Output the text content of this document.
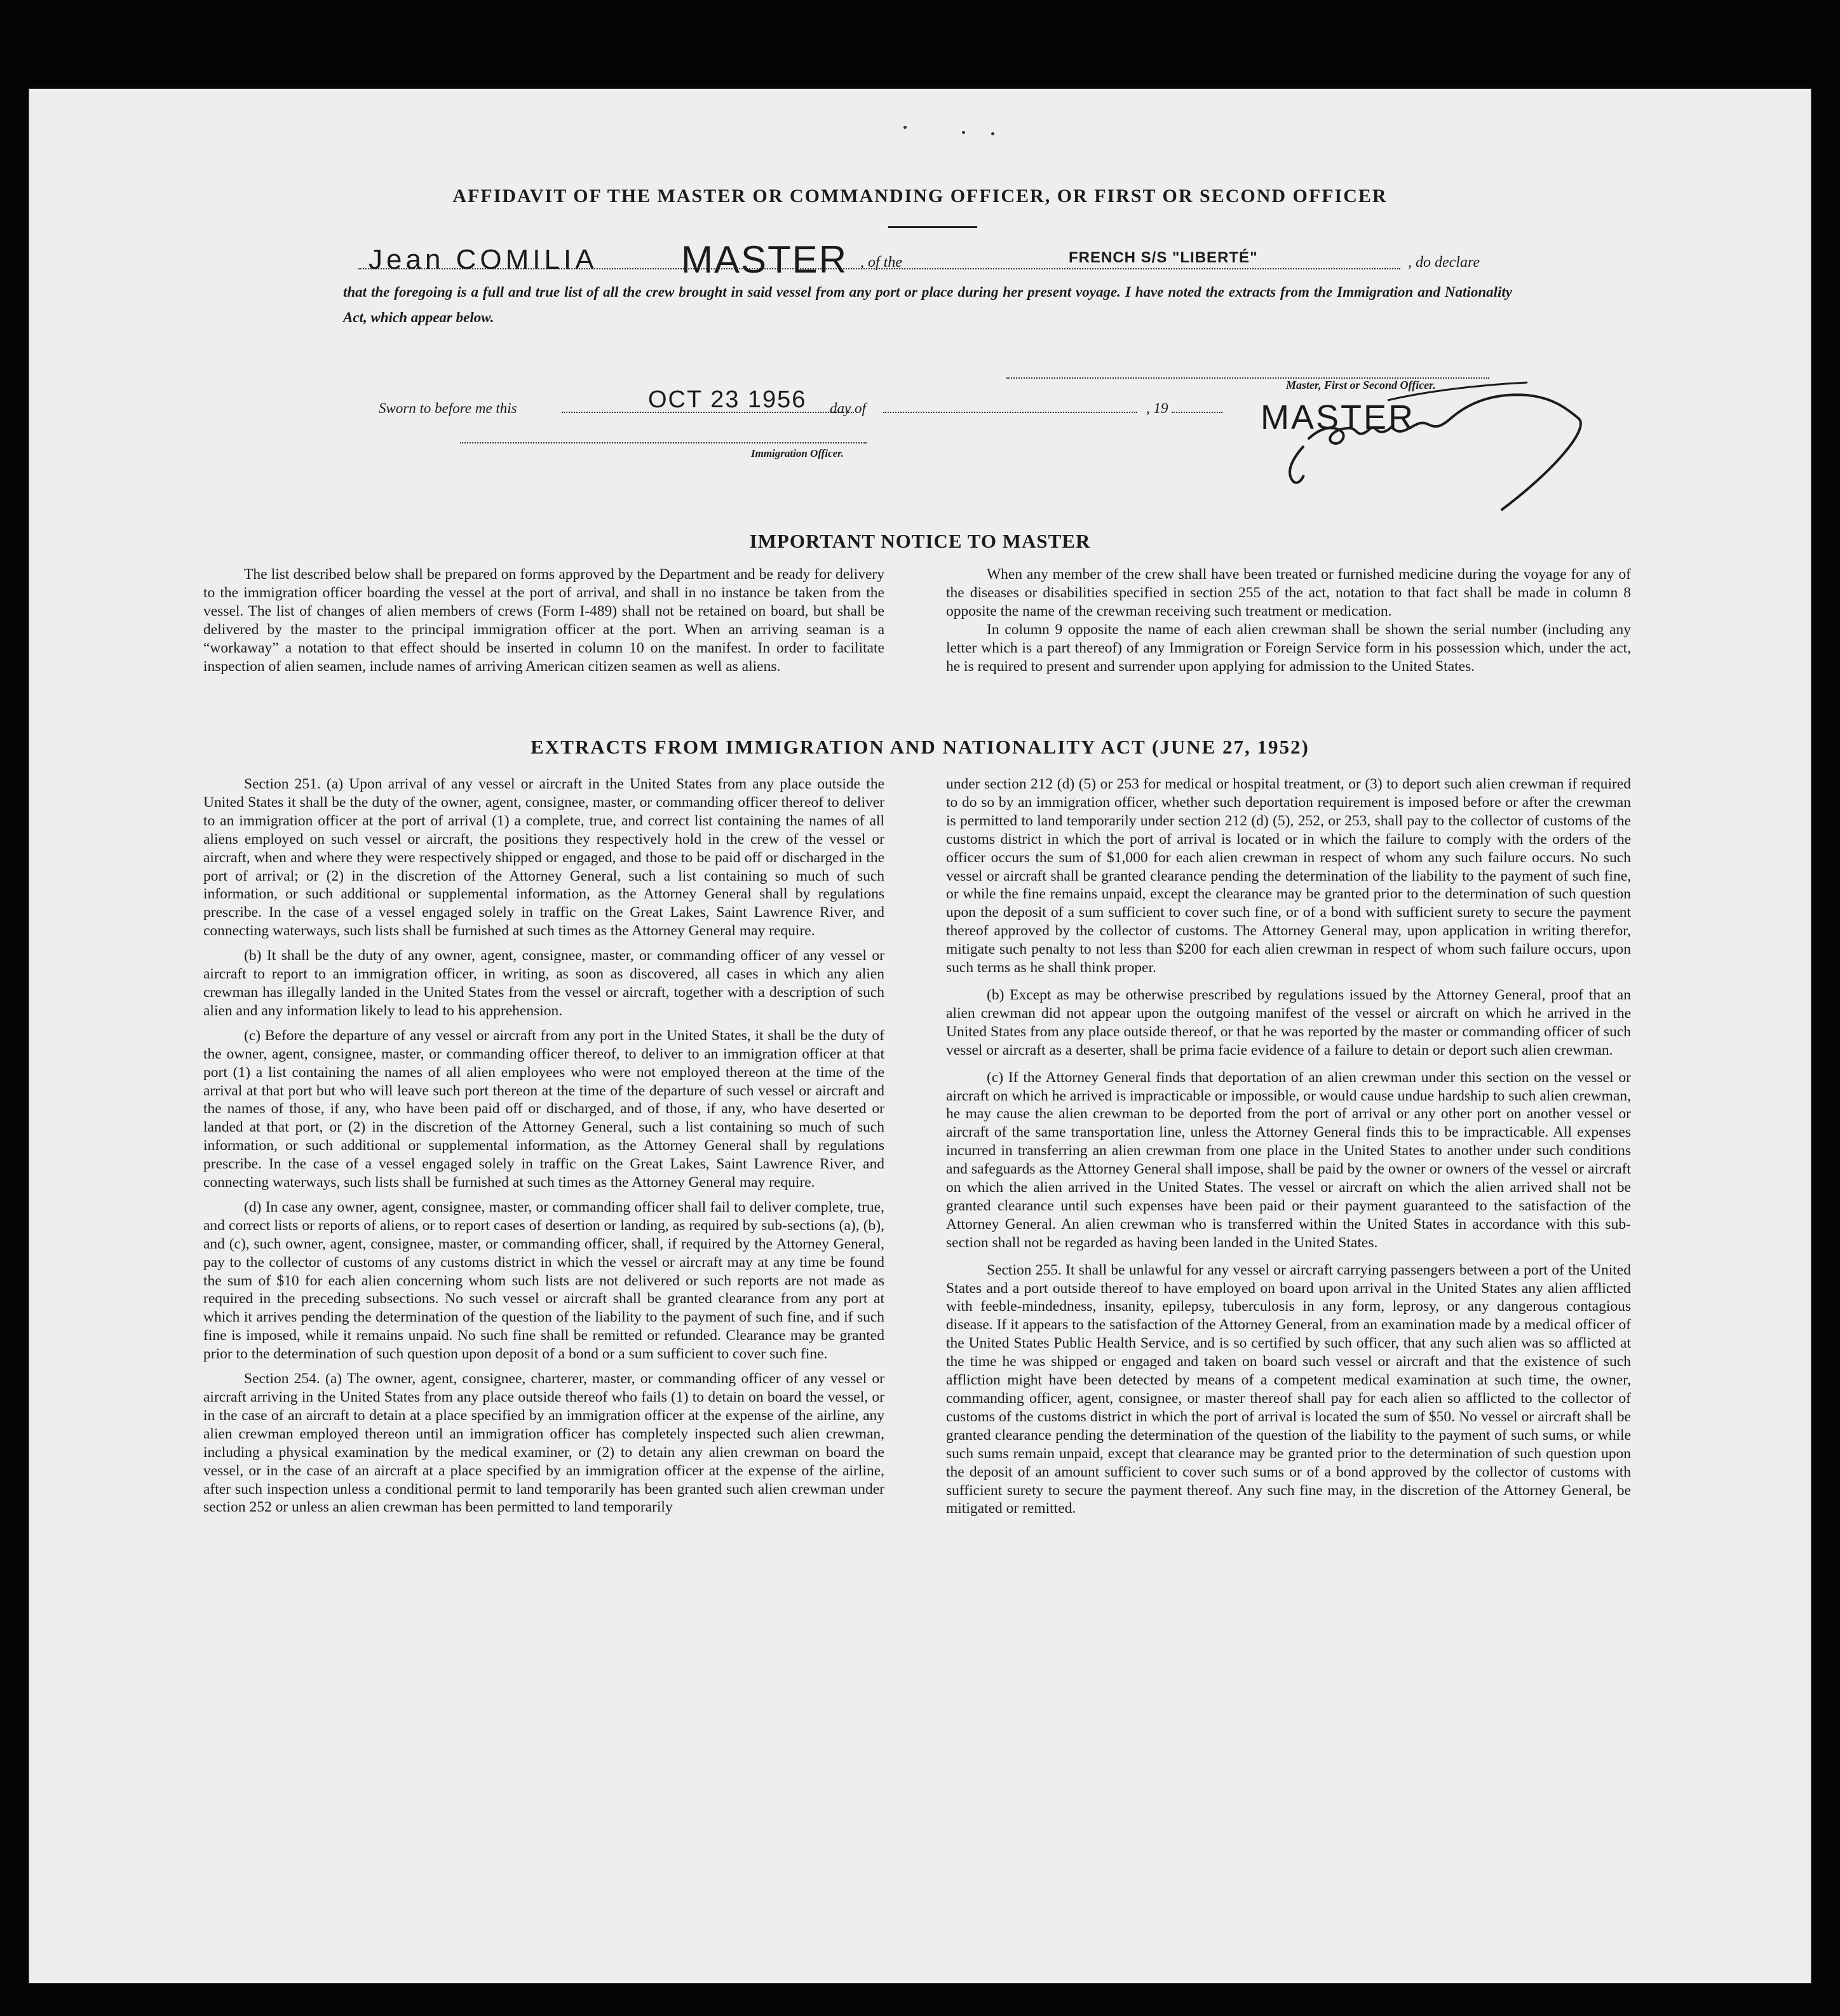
AFFIDAVIT OF THE MASTER OR COMMANDING OFFICER, OR FIRST OR SECOND OFFICER
Jean COMILIA MASTER , of the	FRENCH S/S "LIBERTÉ"	, do declare
that the foregoing is a full and true list of all the crew brought in said vessel from any port or place during her present voyage. I have noted the extracts from the Immigration and Nationality Act, which appear below.
Master, First or Second Officer.
MASTER
Sworn to before me this	OCT 23 1956 day of	, 19
Immigration Officer.
IMPORTANT NOTICE TO MASTER

The list described below shall be prepared on forms approved by the Department and be ready for delivery to the immigration officer boarding the vessel at the port of arrival, and shall in no instance be taken from the vessel. The list of changes of alien members of crews (Form I-489) shall not be retained on board, but shall be delivered by the master to the principal immigration officer at the port. When an arriving seaman is a “workaway” a notation to that effect should be inserted in column 10 on the manifest. In order to facilitate inspection of alien seamen, include names of arriving American citizen seamen as well as aliens.

When any member of the crew shall have been treated or furnished medicine during the voyage for any of the diseases or disabilities specified in section 255 of the act, notation to that fact shall be made in column 8 opposite the name of the crewman receiving such treatment or medication.

In column 9 opposite the name of each alien crewman shall be shown the serial number (including any letter which is a part thereof) of any Immigration or Foreign Service form in his possession which, under the act, he is required to present and surrender upon applying for admission to the United States.

EXTRACTS FROM IMMIGRATION AND NATIONALITY ACT (JUNE 27, 1952)

Section 251. (a) Upon arrival of any vessel or aircraft in the United States from any place outside the United States it shall be the duty of the owner, agent, consignee, master, or commanding officer thereof to deliver to an immigration officer at the port of arrival (1) a complete, true, and correct list containing the names of all aliens employed on such vessel or aircraft, the positions they respectively hold in the crew of the vessel or aircraft, when and where they were respectively shipped or engaged, and those to be paid off or discharged in the port of arrival; or (2) in the discretion of the Attorney General, such a list containing so much of such information, or such additional or supplemental information, as the Attorney General shall by regulations prescribe. In the case of a vessel engaged solely in traffic on the Great Lakes, Saint Lawrence River, and connecting waterways, such lists shall be furnished at such times as the Attorney General may require.

(b) It shall be the duty of any owner, agent, consignee, master, or commanding officer of any vessel or aircraft to report to an immigration officer, in writing, as soon as discovered, all cases in which any alien crewman has illegally landed in the United States from the vessel or aircraft, together with a description of such alien and any information likely to lead to his apprehension.

(c) Before the departure of any vessel or aircraft from any port in the United States, it shall be the duty of the owner, agent, consignee, master, or commanding officer thereof, to deliver to an immigration officer at that port (1) a list containing the names of all alien employees who were not employed thereon at the time of the arrival at that port but who will leave such port thereon at the time of the departure of such vessel or aircraft and the names of those, if any, who have been paid off or discharged, and of those, if any, who have deserted or landed at that port, or (2) in the discretion of the Attorney General, such a list containing so much of such information, or such additional or supplemental information, as the Attorney General shall by regulations prescribe. In the case of a vessel engaged solely in traffic on the Great Lakes, Saint Lawrence River, and connecting waterways, such lists shall be furnished at such times as the Attorney General may require.

(d) In case any owner, agent, consignee, master, or commanding officer shall fail to deliver complete, true, and correct lists or reports of aliens, or to report cases of desertion or landing, as required by sub-sections (a), (b), and (c), such owner, agent, consignee, master, or commanding officer, shall, if required by the Attorney General, pay to the collector of customs of any customs district in which the vessel or aircraft may at any time be found the sum of $10 for each alien concerning whom such lists are not delivered or such reports are not made as required in the preceding subsections. No such vessel or aircraft shall be granted clearance from any port at which it arrives pending the determination of the question of the liability to the payment of such fine, and if such fine is imposed, while it remains unpaid. No such fine shall be remitted or refunded. Clearance may be granted prior to the determination of such question upon deposit of a bond or a sum sufficient to cover such fine.

Section 254. (a) The owner, agent, consignee, charterer, master, or commanding officer of any vessel or aircraft arriving in the United States from any place outside thereof who fails (1) to detain on board the vessel, or in the case of an aircraft to detain at a place specified by an immigration officer at the expense of the airline, any alien crewman employed thereon until an immigration officer has completely inspected such alien crewman, including a physical examination by the medical examiner, or (2) to detain any alien crewman on board the vessel, or in the case of an aircraft at a place specified by an immigration officer at the expense of the airline, after such inspection unless a conditional permit to land temporarily has been granted such alien crewman under section 252 or unless an alien crewman has been permitted to land temporarily

under section 212 (d) (5) or 253 for medical or hospital treatment, or (3) to deport such alien crewman if required to do so by an immigration officer, whether such deportation requirement is imposed before or after the crewman is permitted to land temporarily under section 212 (d) (5), 252, or 253, shall pay to the collector of customs of the customs district in which the port of arrival is located or in which the failure to comply with the orders of the officer occurs the sum of $1,000 for each alien crewman in respect of whom any such failure occurs. No such vessel or aircraft shall be granted clearance pending the determination of the liability to the payment of such fine, or while the fine remains unpaid, except the clearance may be granted prior to the determination of such question upon the deposit of a sum sufficient to cover such fine, or of a bond with sufficient surety to secure the payment thereof approved by the collector of customs. The Attorney General may, upon application in writing therefor, mitigate such penalty to not less than $200 for each alien crewman in respect of whom such failure occurs, upon such terms as he shall think proper.

(b) Except as may be otherwise prescribed by regulations issued by the Attorney General, proof that an alien crewman did not appear upon the outgoing manifest of the vessel or aircraft on which he arrived in the United States from any place outside thereof, or that he was reported by the master or commanding officer of such vessel or aircraft as a deserter, shall be prima facie evidence of a failure to detain or deport such alien crewman.

(c) If the Attorney General finds that deportation of an alien crewman under this section on the vessel or aircraft on which he arrived is impracticable or impossible, or would cause undue hardship to such alien crewman, he may cause the alien crewman to be deported from the port of arrival or any other port on another vessel or aircraft of the same transportation line, unless the Attorney General finds this to be impracticable. All expenses incurred in transferring an alien crewman from one place in the United States to another under such conditions and safeguards as the Attorney General shall impose, shall be paid by the owner or owners of the vessel or aircraft on which the alien arrived in the United States. The vessel or aircraft on which the alien arrived shall not be granted clearance until such expenses have been paid or their payment guaranteed to the satisfaction of the Attorney General. An alien crewman who is transferred within the United States in accordance with this sub-section shall not be regarded as having been landed in the United States.

Section 255. It shall be unlawful for any vessel or aircraft carrying passengers between a port of the United States and a port outside thereof to have employed on board upon arrival in the United States any alien afflicted with feeble-mindedness, insanity, epilepsy, tuberculosis in any form, leprosy, or any dangerous contagious disease. If it appears to the satisfaction of the Attorney General, from an examination made by a medical officer of the United States Public Health Service, and is so certified by such officer, that any such alien was so afflicted at the time he was shipped or engaged and taken on board such vessel or aircraft and that the existence of such affliction might have been detected by means of a competent medical examination at such time, the owner, commanding officer, agent, consignee, or master thereof shall pay for each alien so afflicted to the collector of customs of the customs district in which the port of arrival is located the sum of $50. No vessel or aircraft shall be granted clearance pending the determination of the question of the liability to the payment of such sums, or while such sums remain unpaid, except that clearance may be granted prior to the determination of such question upon the deposit of an amount sufficient to cover such sums or of a bond approved by the collector of customs with sufficient surety to secure the payment thereof. Any such fine may, in the discretion of the Attorney General, be mitigated or remitted.
